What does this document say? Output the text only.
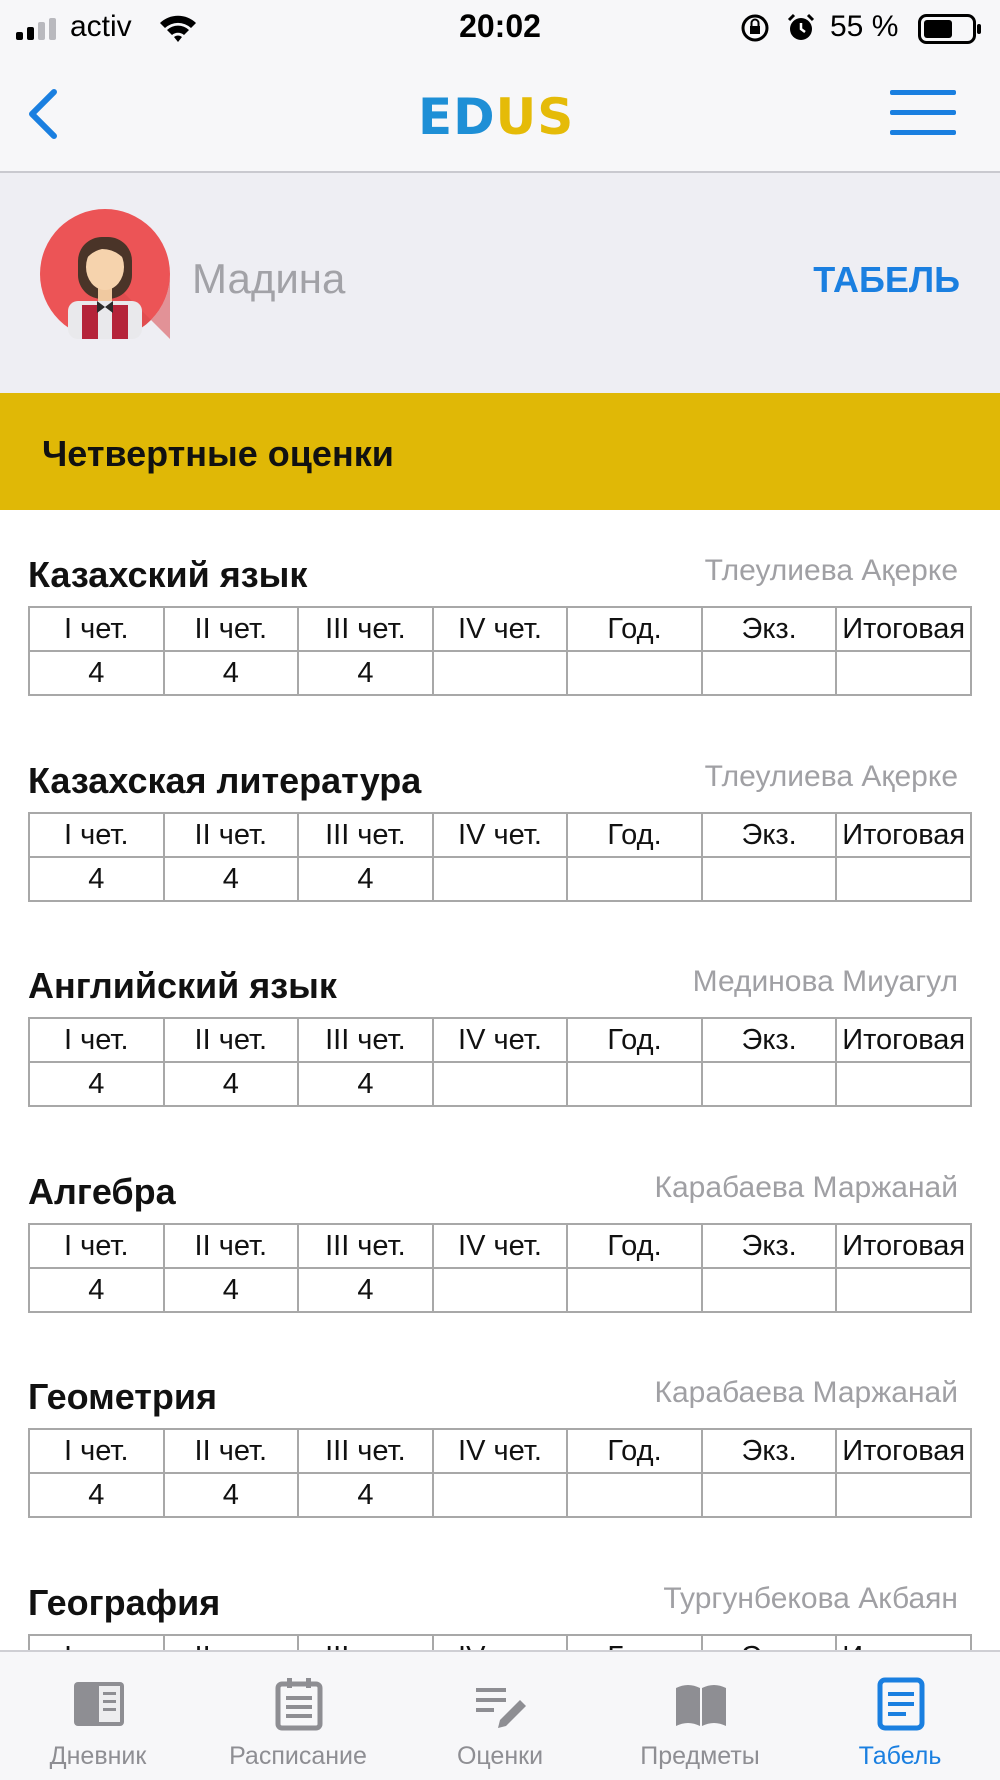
activ	20:02	55 %
EDUS
Мадина	ТАБЕЛЬ
Четвертные оценки
Казахский язык	Тлеулиева Ақерке
I чет.	II чет.	III чет.	IV чет.	Год.	Экз.	Итоговая
4	4	4				
Казахская литература	Тлеулиева Ақерке
I чет.	II чет.	III чет.	IV чет.	Год.	Экз.	Итоговая
4	4	4				
Английский язык	Мединова Миуагул
I чет.	II чет.	III чет.	IV чет.	Год.	Экз.	Итоговая
4	4	4				
Алгебра	Карабаева Маржанай
I чет.	II чет.	III чет.	IV чет.	Год.	Экз.	Итоговая
4	4	4				
Геометрия	Карабаева Маржанай
I чет.	II чет.	III чет.	IV чет.	Год.	Экз.	Итоговая
4	4	4				
География	Тургунбекова Акбаян

Дневник	Расписание	Оценки	Предметы	Табель
